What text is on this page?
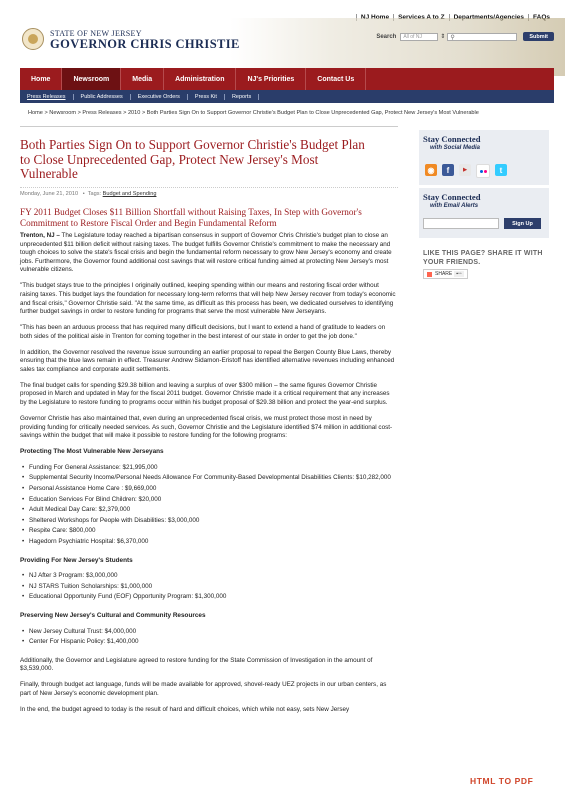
STATE OF NEW JERSEY
GOVERNOR CHRIS CHRISTIE
Search	All of NJ	⇕ ⚲	Submit
Home	Newsroom	Media	Administration	NJ's Priorities	Contact Us
Press Releases	Public Addresses	Executive Orders	Press Kit	Reports
Home > Newsroom > Press Releases > 2010 > Both Parties Sign On to Support Governor Christie's Budget Plan to Close Unprecedented Gap, Protect New Jersey's Most Vulnerable
Both Parties Sign On to Support Governor Christie's Budget Plan to Close Unprecedented Gap, Protect New Jersey's Most Vulnerable
Monday, June 21, 2010   •  Tags: Budget and Spending
FY 2011 Budget Closes $11 Billion Shortfall without Raising Taxes, In Step with Governor's Commitment to Restore Fiscal Order and Begin Fundamental Reform

Trenton, NJ – The Legislature today reached a bipartisan consensus in support of Governor Chris Christie's budget plan to close an unprecedented $11 billion deficit without raising taxes. The budget fulfills Governor Christie's commitment to make the necessary and tough choices to solve the state's fiscal crisis and begin the fundamental reform necessary to grow New Jersey's economy and create jobs. Furthermore, the Governor found additional cost savings that will restore critical funding aimed at protecting New Jersey's most vulnerable citizens.

"This budget stays true to the principles I originally outlined, keeping spending within our means and restoring fiscal order without raising taxes. This budget lays the foundation for necessary long-term reforms that will help New Jersey recover from today's economic and fiscal crisis," Governor Christie said. "At the same time, as difficult as this process has been, we dedicated ourselves to identifying further budget savings in order to restore funding for programs that serve the most vulnerable New Jerseyans.

"This has been an arduous process that has required many difficult decisions, but I want to extend a hand of gratitude to leaders on both sides of the political aisle in Trenton for coming together in the best interest of our state in order to get the job done."

In addition, the Governor resolved the revenue issue surrounding an earlier proposal to repeal the Bergen County Blue Laws, thereby ensuring that the blue laws remain in effect. Treasurer Andrew Sidamon-Eristoff has identified alternative revenues including enhanced sales tax compliance and corporate audit settlements.

The final budget calls for spending $29.38 billion and leaving a surplus of over $300 million – the same figures Governor Christie proposed in March and updated in May for the fiscal 2011 budget. Governor Christie made it a critical requirement that any increases by the Legislature to restore funding to programs occur within his budget proposal of $29.38 billion and protect the year-end surplus.

Governor Christie has also maintained that, even during an unprecedented fiscal crisis, we must protect those most in need by providing funding for critically needed services. As such, Governor Christie and the Legislature identified $74 million in additional cost-savings within the budget that will make it possible to restore funding for the following programs:

Protecting The Most Vulnerable New Jerseyans
• Funding For General Assistance: $21,995,000
• Supplemental Security Income/Personal Needs Allowance For Community-Based Developmental Disabilities Clients: $10,282,000
• Personal Assistance Home Care : $9,669,000
• Education Services For Blind Children: $20,000
• Adult Medical Day Care: $2,379,000
• Sheltered Workshops for People with Disabilities: $3,000,000
• Respite Care: $800,000
• Hagedorn Psychiatric Hospital: $6,370,000
Providing For New Jersey's Students
• NJ After 3 Program: $3,000,000
• NJ STARS Tuition Scholarships: $1,000,000
• Educational Opportunity Fund (EOF) Opportunity Program: $1,300,000
Preserving New Jersey's Cultural and Community Resources
• New Jersey Cultural Trust: $4,000,000
• Center For Hispanic Policy: $1,400,000

Additionally, the Governor and Legislature agreed to restore funding for the State Commission of Investigation in the amount of $3,539,000.

Finally, through budget act language, funds will be made available for approved, shovel-ready UEZ projects in our urban centers, as part of New Jersey's economic development plan.

In the end, the budget agreed to today is the result of hard and difficult choices, which while not easy, sets New Jersey

Stay Connected
with Social Media
◉	f	▶	t
Stay Connected
with Email Alerts
Sign Up
LIKE THIS PAGE? SHARE IT WITH YOUR FRIENDS.
SHARE ▪▫▫
HTML TO PDF
